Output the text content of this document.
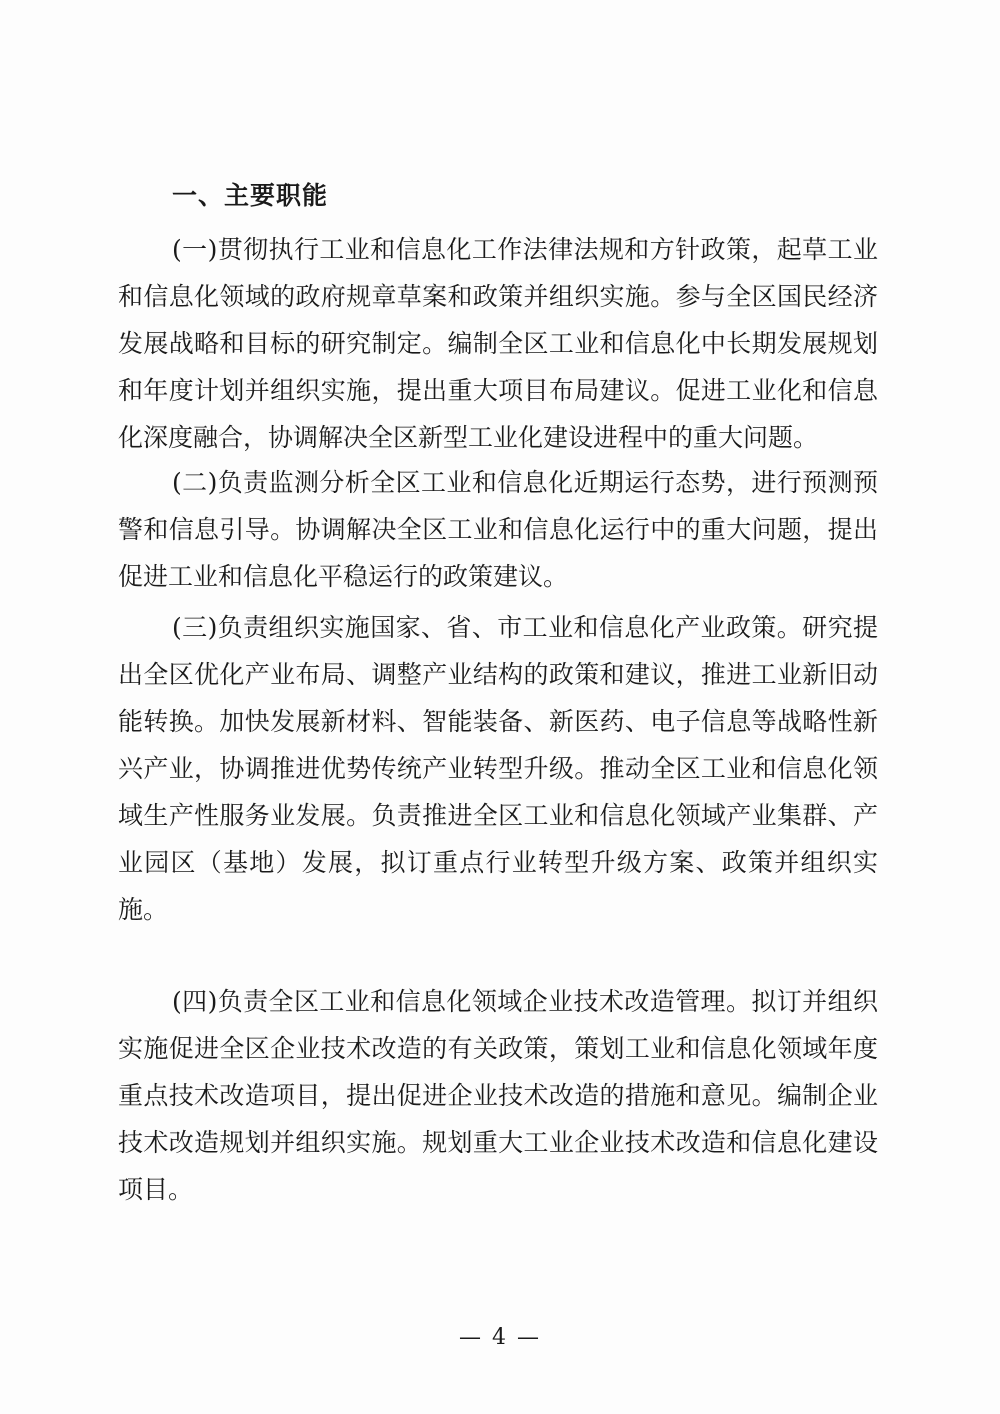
一、主要职能

(一)贯彻执行工业和信息化工作法律法规和方针政策，起草工业和信息化领域的政府规章草案和政策并组织实施。参与全区国民经济发展战略和目标的研究制定。编制全区工业和信息化中长期发展规划和年度计划并组织实施，提出重大项目布局建议。促进工业化和信息化深度融合，协调解决全区新型工业化建设进程中的重大问题。

(二)负责监测分析全区工业和信息化近期运行态势，进行预测预警和信息引导。协调解决全区工业和信息化运行中的重大问题，提出促进工业和信息化平稳运行的政策建议。

(三)负责组织实施国家、省、市工业和信息化产业政策。研究提出全区优化产业布局、调整产业结构的政策和建议，推进工业新旧动能转换。加快发展新材料、智能装备、新医药、电子信息等战略性新兴产业，协调推进优势传统产业转型升级。推动全区工业和信息化领域生产性服务业发展。负责推进全区工业和信息化领域产业集群、产业园区（基地）发展，拟订重点行业转型升级方案、政策并组织实施。

(四)负责全区工业和信息化领域企业技术改造管理。拟订并组织实施促进全区企业技术改造的有关政策，策划工业和信息化领域年度重点技术改造项目，提出促进企业技术改造的措施和意见。编制企业技术改造规划并组织实施。规划重大工业企业技术改造和信息化建设项目。

— 4 —
